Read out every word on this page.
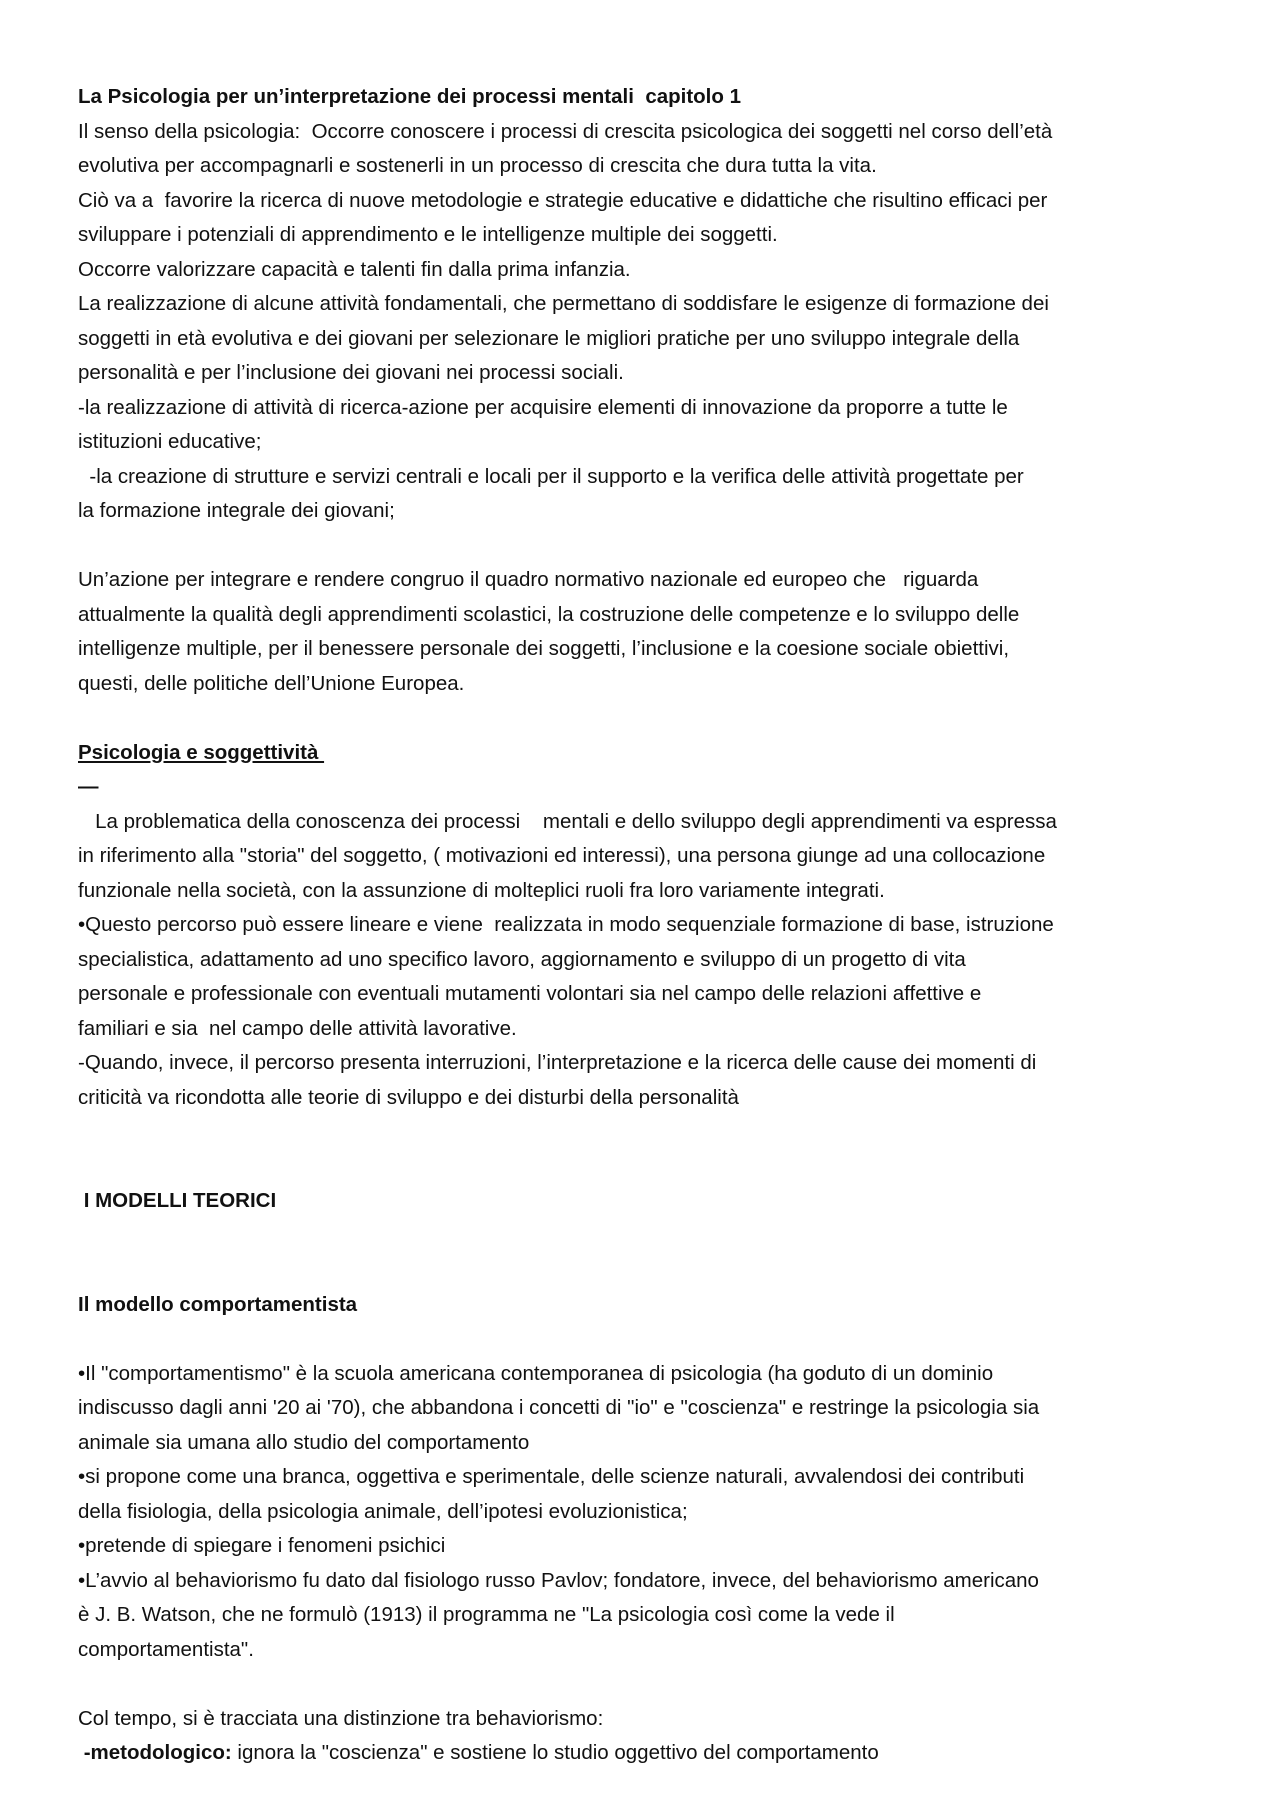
La Psicologia per un’interpretazione dei processi mentali  capitolo 1
Il senso della psicologia:  Occorre conoscere i processi di crescita psicologica dei soggetti nel corso dell’età
evolutiva per accompagnarli e sostenerli in un processo di crescita che dura tutta la vita.
Ciò va a  favorire la ricerca di nuove metodologie e strategie educative e didattiche che risultino efficaci per
sviluppare i potenziali di apprendimento e le intelligenze multiple dei soggetti.
Occorre valorizzare capacità e talenti fin dalla prima infanzia.
La realizzazione di alcune attività fondamentali, che permettano di soddisfare le esigenze di formazione dei
soggetti in età evolutiva e dei giovani per selezionare le migliori pratiche per uno sviluppo integrale della
personalità e per l’inclusione dei giovani nei processi sociali.
-la realizzazione di attività di ricerca-azione per acquisire elementi di innovazione da proporre a tutte le
istituzioni educative;
-la creazione di strutture e servizi centrali e locali per il supporto e la verifica delle attività progettate per
la formazione integrale dei giovani;
Un’azione per integrare e rendere congruo il quadro normativo nazionale ed europeo che   riguarda
attualmente la qualità degli apprendimenti scolastici, la costruzione delle competenze e lo sviluppo delle
intelligenze multiple, per il benessere personale dei soggetti, l’inclusione e la coesione sociale obiettivi,
questi, delle politiche dell’Unione Europea.
Psicologia e soggettività
—
La problematica della conoscenza dei processi    mentali e dello sviluppo degli apprendimenti va espressa
in riferimento alla "storia" del soggetto, ( motivazioni ed interessi), una persona giunge ad una collocazione
funzionale nella società, con la assunzione di molteplici ruoli fra loro variamente integrati.
•Questo percorso può essere lineare e viene  realizzata in modo sequenziale formazione di base, istruzione
specialistica, adattamento ad uno specifico lavoro, aggiornamento e sviluppo di un progetto di vita
personale e professionale con eventuali mutamenti volontari sia nel campo delle relazioni affettive e
familiari e sia  nel campo delle attività lavorative.
-Quando, invece, il percorso presenta interruzioni, l’interpretazione e la ricerca delle cause dei momenti di
criticità va ricondotta alle teorie di sviluppo e dei disturbi della personalità
I MODELLI TEORICI
Il modello comportamentista
•Il "comportamentismo" è la scuola americana contemporanea di psicologia (ha goduto di un dominio
indiscusso dagli anni '20 ai '70), che abbandona i concetti di "io" e "coscienza" e restringe la psicologia sia
animale sia umana allo studio del comportamento
•si propone come una branca, oggettiva e sperimentale, delle scienze naturali, avvalendosi dei contributi
della fisiologia, della psicologia animale, dell’ipotesi evoluzionistica;
•pretende di spiegare i fenomeni psichici
•L’avvio al behaviorismo fu dato dal fisiologo russo Pavlov; fondatore, invece, del behaviorismo americano
è J. B. Watson, che ne formulò (1913) il programma ne "La psicologia così come la vede il
comportamentista".
Col tempo, si è tracciata una distinzione tra behaviorismo:
-metodologico: ignora la "coscienza" e sostiene lo studio oggettivo del comportamento
